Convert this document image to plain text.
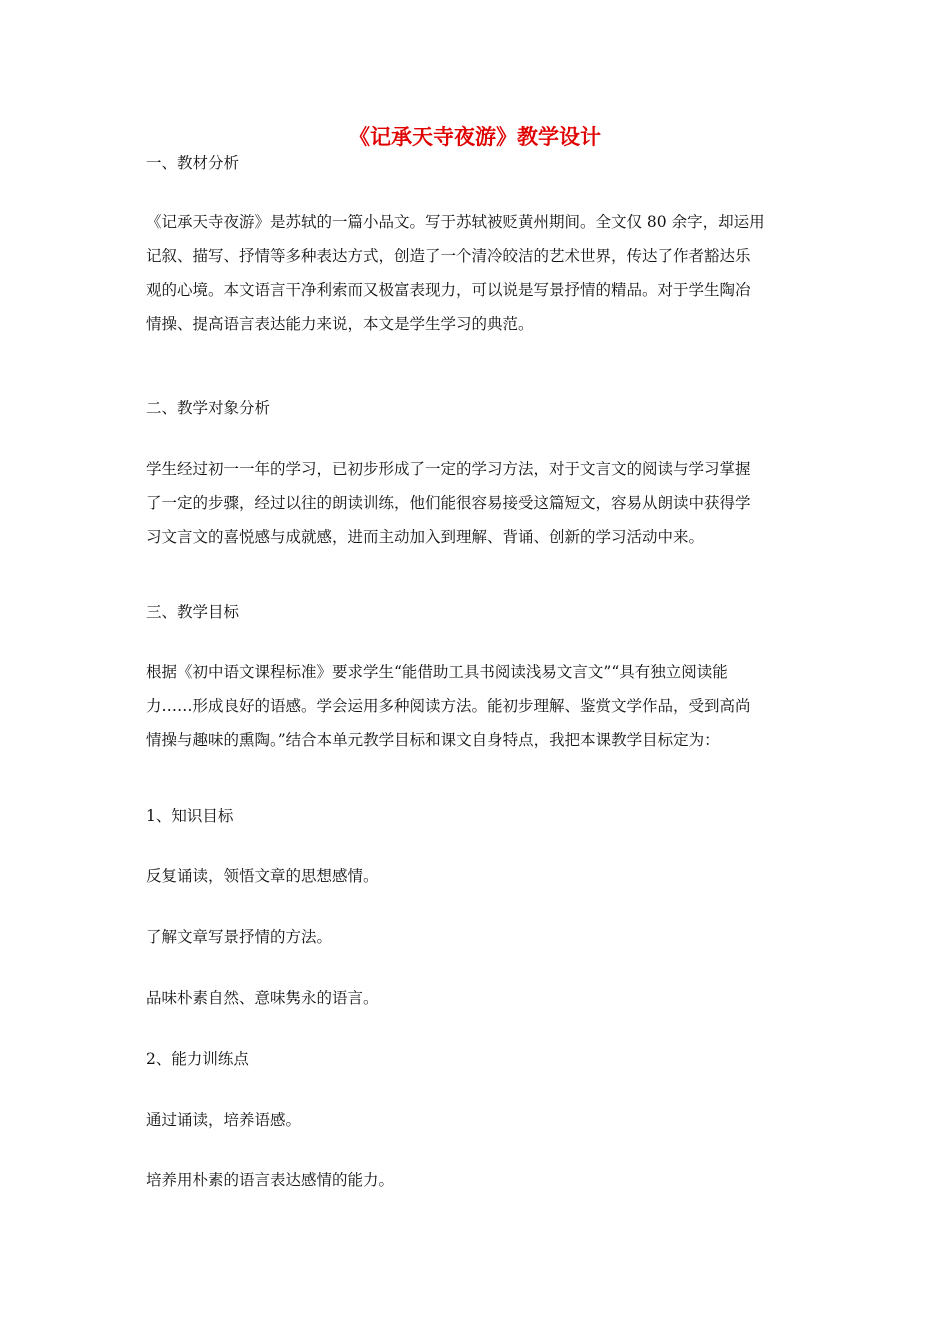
《记承天寺夜游》教学设计
一、教材分析
《记承天寺夜游》是苏轼的一篇小品文。写于苏轼被贬黄州期间。全文仅 80 余字，却运用
记叙、描写、抒情等多种表达方式，创造了一个清冷皎洁的艺术世界，传达了作者豁达乐
观的心境。本文语言干净利索而又极富表现力，可以说是写景抒情的精品。对于学生陶冶
情操、提高语言表达能力来说，本文是学生学习的典范。
二、教学对象分析
学生经过初一一年的学习，已初步形成了一定的学习方法，对于文言文的阅读与学习掌握
了一定的步骤，经过以往的朗读训练，他们能很容易接受这篇短文，容易从朗读中获得学
习文言文的喜悦感与成就感，进而主动加入到理解、背诵、创新的学习活动中来。
三、教学目标
根据《初中语文课程标准》要求学生“能借助工具书阅读浅易文言文”“具有独立阅读能
力……形成良好的语感。学会运用多种阅读方法。能初步理解、鉴赏文学作品，受到高尚
情操与趣味的熏陶。”结合本单元教学目标和课文自身特点，我把本课教学目标定为：
1、知识目标
反复诵读，领悟文章的思想感情。
了解文章写景抒情的方法。
品味朴素自然、意味隽永的语言。
2、能力训练点
通过诵读，培养语感。
培养用朴素的语言表达感情的能力。
